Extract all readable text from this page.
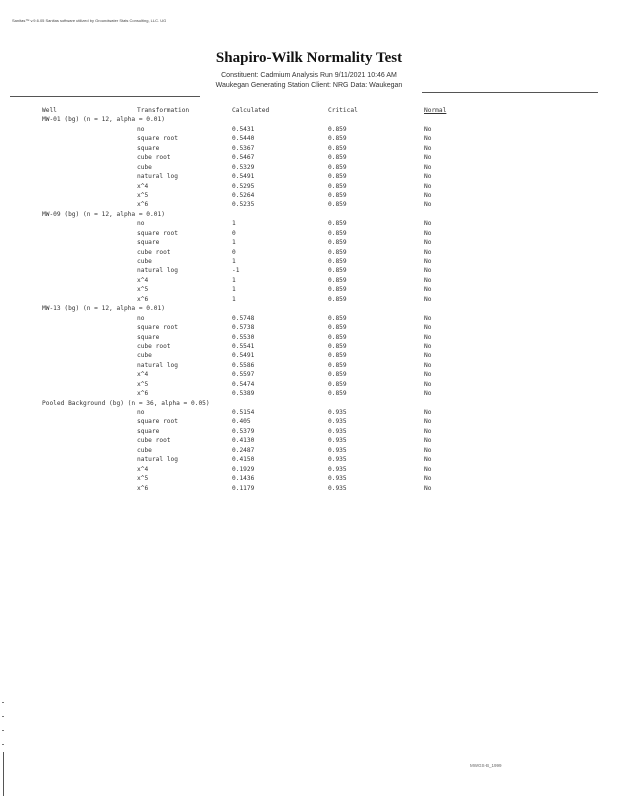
Sanitas™ v.9.6.05 Sanitas software utilized by Groundwater Stats Consulting, LLC. UG
Shapiro-Wilk Normality Test
Constituent: Cadmium Analysis Run 9/11/2021 10:46 AM
Waukegan Generating Station Client: NRG Data: Waukegan
Well	Transformation	Calculated	Critical	Normal
MW-01 (bg) (n = 12, alpha = 0.01)
no	0.5431	0.859	No
square root	0.5440	0.859	No
square	0.5367	0.859	No
cube root	0.5467	0.859	No
cube	0.5329	0.859	No
natural log	0.5491	0.859	No
x^4	0.5295	0.859	No
x^5	0.5264	0.859	No
x^6	0.5235	0.859	No
MW-09 (bg) (n = 12, alpha = 0.01)
no	1	0.859	No
square root	0	0.859	No
square	1	0.859	No
cube root	0	0.859	No
cube	1	0.859	No
natural log	-1	0.859	No
x^4	1	0.859	No
x^5	1	0.859	No
x^6	1	0.859	No
MW-13 (bg) (n = 12, alpha = 0.01)
no	0.5748	0.859	No
square root	0.5738	0.859	No
square	0.5530	0.859	No
cube root	0.5541	0.859	No
cube	0.5491	0.859	No
natural log	0.5586	0.859	No
x^4	0.5597	0.859	No
x^5	0.5474	0.859	No
x^6	0.5389	0.859	No
Pooled Background (bg) (n = 36, alpha = 0.05)
no	0.5154	0.935	No
square root	0.405	0.935	No
square	0.5379	0.935	No
cube root	0.4130	0.935	No
cube	0.2487	0.935	No
natural log	0.4150	0.935	No
x^4	0.1929	0.935	No
x^5	0.1436	0.935	No
x^6	0.1179	0.935	No
MWGS-B_1999
